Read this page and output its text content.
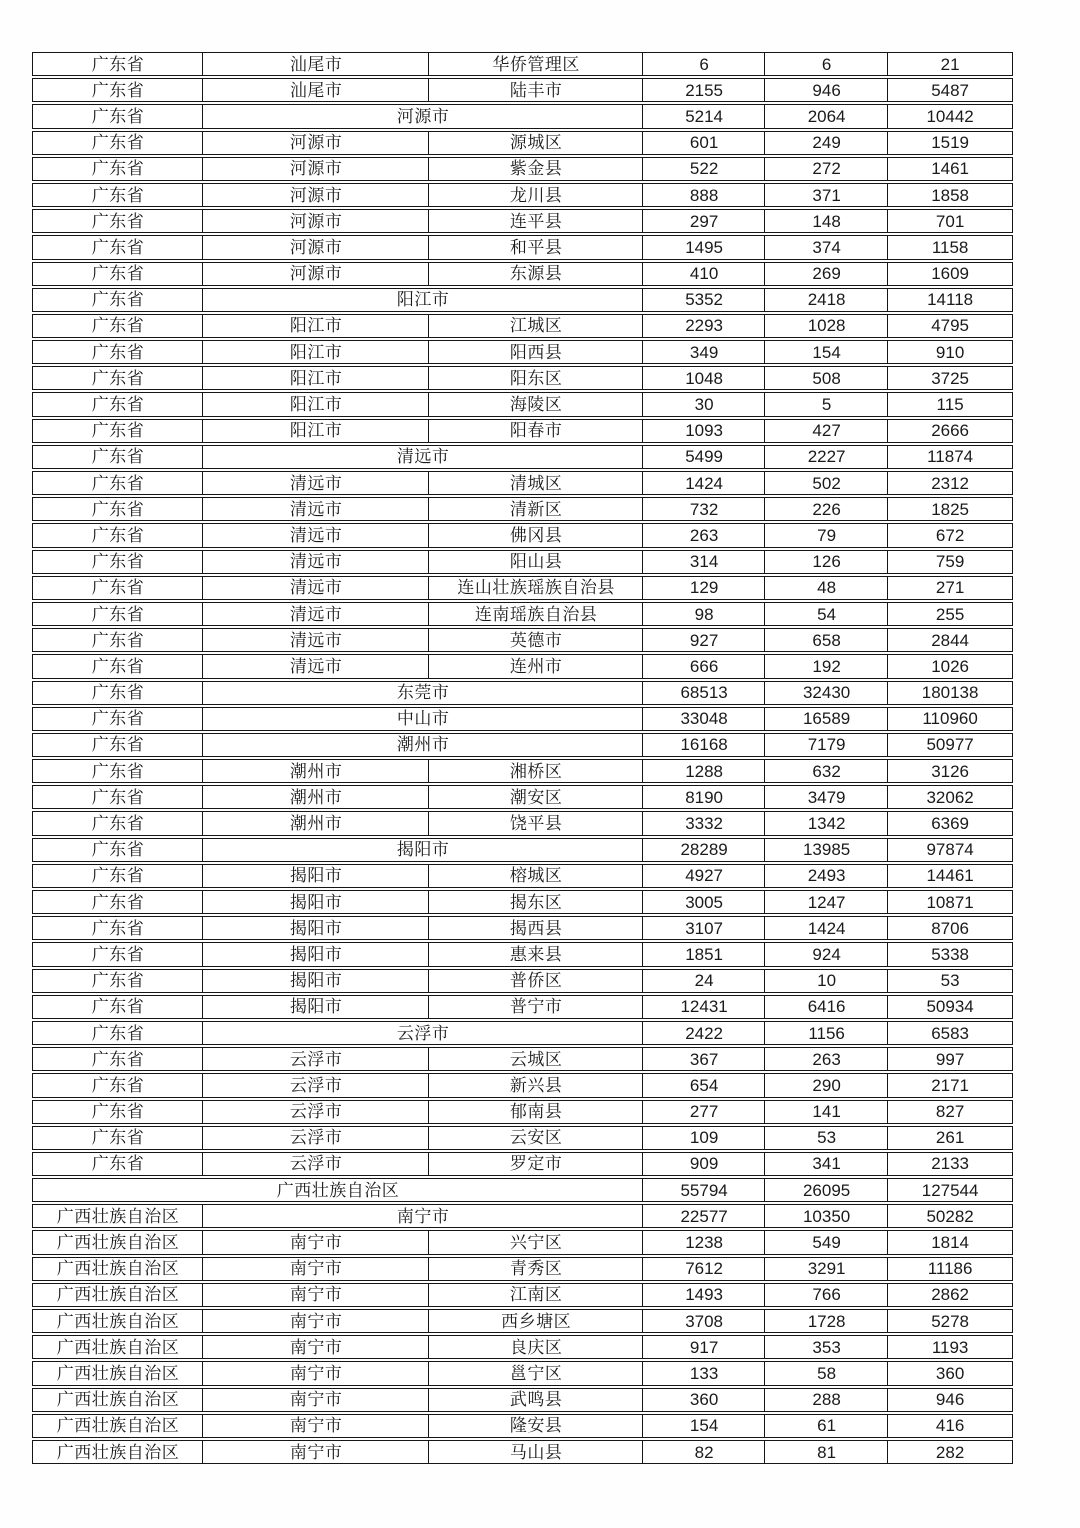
广东省	汕尾市	华侨管理区	6	6	21
广东省	汕尾市	陆丰市	2155	946	5487
广东省	河源市	5214	2064	10442
广东省	河源市	源城区	601	249	1519
广东省	河源市	紫金县	522	272	1461
广东省	河源市	龙川县	888	371	1858
广东省	河源市	连平县	297	148	701
广东省	河源市	和平县	1495	374	1158
广东省	河源市	东源县	410	269	1609
广东省	阳江市	5352	2418	14118
广东省	阳江市	江城区	2293	1028	4795
广东省	阳江市	阳西县	349	154	910
广东省	阳江市	阳东区	1048	508	3725
广东省	阳江市	海陵区	30	5	115
广东省	阳江市	阳春市	1093	427	2666
广东省	清远市	5499	2227	11874
广东省	清远市	清城区	1424	502	2312
广东省	清远市	清新区	732	226	1825
广东省	清远市	佛冈县	263	79	672
广东省	清远市	阳山县	314	126	759
广东省	清远市	连山壮族瑶族自治县	129	48	271
广东省	清远市	连南瑶族自治县	98	54	255
广东省	清远市	英德市	927	658	2844
广东省	清远市	连州市	666	192	1026
广东省	东莞市	68513	32430	180138
广东省	中山市	33048	16589	110960
广东省	潮州市	16168	7179	50977
广东省	潮州市	湘桥区	1288	632	3126
广东省	潮州市	潮安区	8190	3479	32062
广东省	潮州市	饶平县	3332	1342	6369
广东省	揭阳市	28289	13985	97874
广东省	揭阳市	榕城区	4927	2493	14461
广东省	揭阳市	揭东区	3005	1247	10871
广东省	揭阳市	揭西县	3107	1424	8706
广东省	揭阳市	惠来县	1851	924	5338
广东省	揭阳市	普侨区	24	10	53
广东省	揭阳市	普宁市	12431	6416	50934
广东省	云浮市	2422	1156	6583
广东省	云浮市	云城区	367	263	997
广东省	云浮市	新兴县	654	290	2171
广东省	云浮市	郁南县	277	141	827
广东省	云浮市	云安区	109	53	261
广东省	云浮市	罗定市	909	341	2133
广西壮族自治区	55794	26095	127544
广西壮族自治区	南宁市	22577	10350	50282
广西壮族自治区	南宁市	兴宁区	1238	549	1814
广西壮族自治区	南宁市	青秀区	7612	3291	11186
广西壮族自治区	南宁市	江南区	1493	766	2862
广西壮族自治区	南宁市	西乡塘区	3708	1728	5278
广西壮族自治区	南宁市	良庆区	917	353	1193
广西壮族自治区	南宁市	邕宁区	133	58	360
广西壮族自治区	南宁市	武鸣县	360	288	946
广西壮族自治区	南宁市	隆安县	154	61	416
广西壮族自治区	南宁市	马山县	82	81	282
